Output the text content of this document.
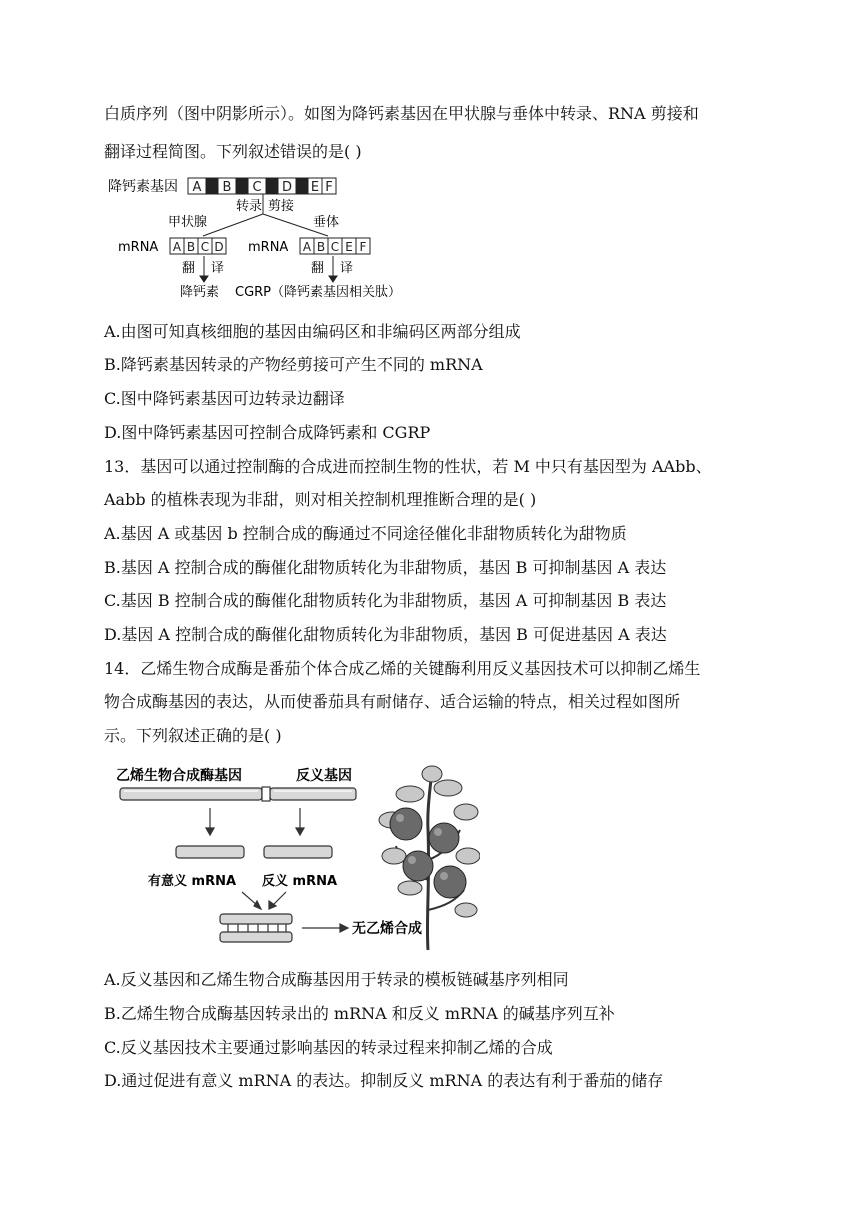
白质序列（图中阴影所示）。如图为降钙素基因在甲状腺与垂体中转录、RNA 剪接和
翻译过程简图。下列叙述错误的是( )
降钙素基因 A B C D E F
转录 剪接
甲状腺	垂体
mRNA A B C D mRNA A B C E F
翻 译	翻 译
降钙素 CGRP（降钙素基因相关肽）
A.由图可知真核细胞的基因由编码区和非编码区两部分组成
B.降钙素基因转录的产物经剪接可产生不同的 mRNA
C.图中降钙素基因可边转录边翻译
D.图中降钙素基因可控制合成降钙素和 CGRP
13．基因可以通过控制酶的合成进而控制生物的性状，若 M 中只有基因型为 AAbb、
Aabb 的植株表现为非甜，则对相关控制机理推断合理的是( )
A.基因 A 或基因 b 控制合成的酶通过不同途径催化非甜物质转化为甜物质
B.基因 A 控制合成的酶催化甜物质转化为非甜物质，基因 B 可抑制基因 A 表达
C.基因 B 控制合成的酶催化甜物质转化为非甜物质，基因 A 可抑制基因 B 表达
D.基因 A 控制合成的酶催化甜物质转化为非甜物质，基因 B 可促进基因 A 表达
14．乙烯生物合成酶是番茄个体合成乙烯的关键酶利用反义基因技术可以抑制乙烯生
物合成酶基因的表达，从而使番茄具有耐储存、适合运输的特点，相关过程如图所
示。下列叙述正确的是( )
乙烯生物合成酶基因	反义基因
有意义 mRNA 反义 mRNA
无乙烯合成
A.反义基因和乙烯生物合成酶基因用于转录的模板链碱基序列相同
B.乙烯生物合成酶基因转录出的 mRNA 和反义 mRNA 的碱基序列互补
C.反义基因技术主要通过影响基因的转录过程来抑制乙烯的合成
D.通过促进有意义 mRNA 的表达。抑制反义 mRNA 的表达有利于番茄的储存
